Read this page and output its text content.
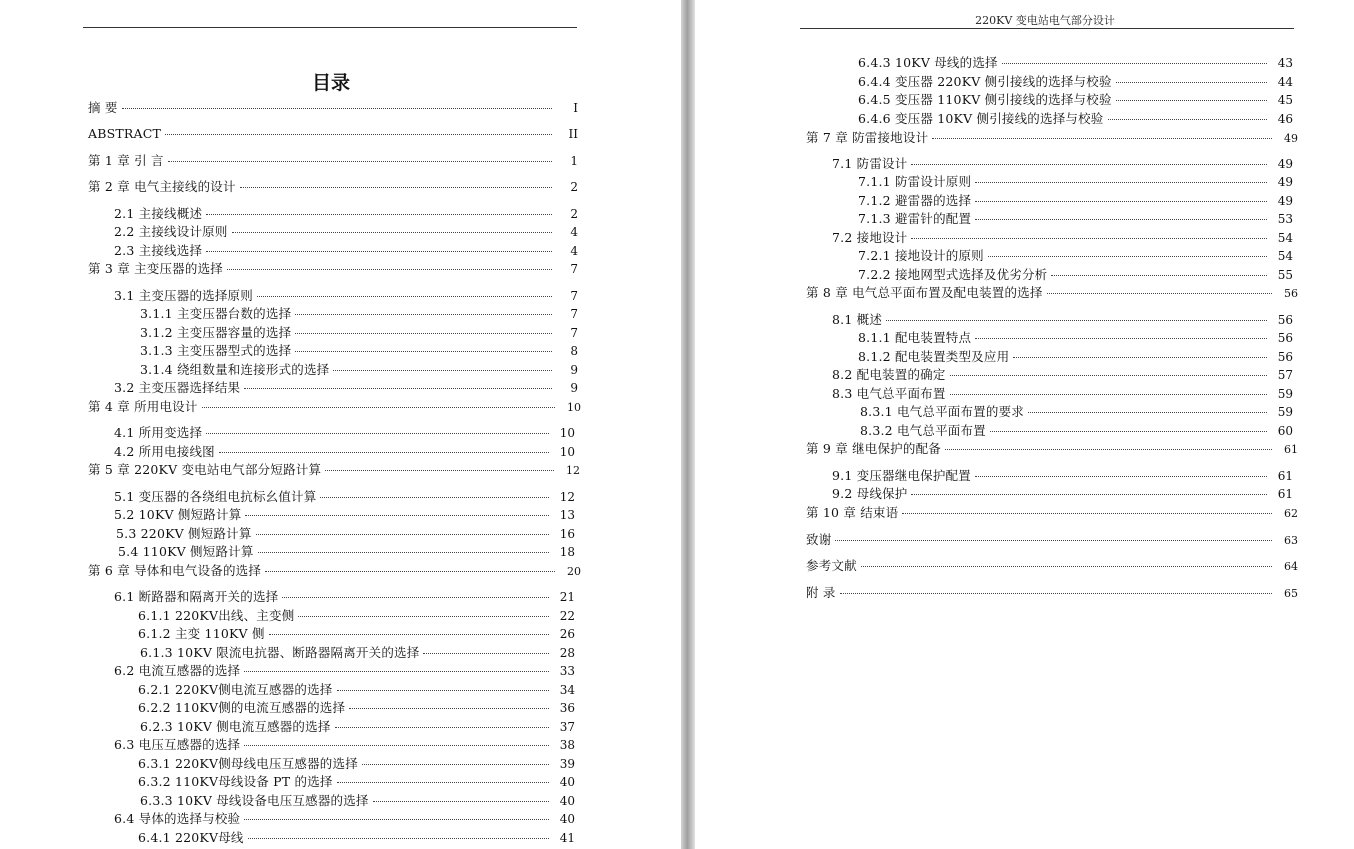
目录
摘 要	I
ABSTRACT	II
第 1 章 引 言	1
第 2 章 电气主接线的设计	2
2.1 主接线概述	2
2.2 主接线设计原则	4
2.3 主接线选择	4
第 3 章 主变压器的选择	7
3.1 主变压器的选择原则	7
3.1.1 主变压器台数的选择	7
3.1.2 主变压器容量的选择	7
3.1.3 主变压器型式的选择	8
3.1.4 绕组数量和连接形式的选择	9
3.2 主变压器选择结果	9
第 4 章 所用电设计	10
4.1 所用变选择	10
4.2 所用电接线图	10
第 5 章 220KV 变电站电气部分短路计算	12
5.1 变压器的各绕组电抗标幺值计算	12
5.2 10KV 侧短路计算	13
5.3 220KV 侧短路计算	16
5.4 110KV 侧短路计算	18
第 6 章 导体和电气设备的选择	20
6.1 断路器和隔离开关的选择	21
6.1.1 220KV出线、主变侧	22
6.1.2 主变 110KV 侧	26
6.1.3 10KV 限流电抗器、断路器隔离开关的选择	28
6.2 电流互感器的选择	33
6.2.1 220KV侧电流互感器的选择	34
6.2.2 110KV侧的电流互感器的选择	36
6.2.3 10KV 侧电流互感器的选择	37
6.3 电压互感器的选择	38
6.3.1 220KV侧母线电压互感器的选择	39
6.3.2 110KV母线设备 PT 的选择	40
6.3.3 10KV 母线设备电压互感器的选择	40
6.4 导体的选择与校验	40
6.4.1 220KV母线	41
220KV 变电站电气部分设计
6.4.3 10KV 母线的选择	43
6.4.4 变压器 220KV 侧引接线的选择与校验	44
6.4.5 变压器 110KV 侧引接线的选择与校验	45
6.4.6 变压器 10KV 侧引接线的选择与校验	46
第 7 章 防雷接地设计	49
7.1 防雷设计	49
7.1.1 防雷设计原则	49
7.1.2 避雷器的选择	49
7.1.3 避雷针的配置	53
7.2 接地设计	54
7.2.1 接地设计的原则	54
7.2.2 接地网型式选择及优劣分析	55
第 8 章 电气总平面布置及配电装置的选择	56
8.1 概述	56
8.1.1 配电装置特点	56
8.1.2 配电装置类型及应用	56
8.2 配电装置的确定	57
8.3 电气总平面布置	59
8.3.1 电气总平面布置的要求	59
8.3.2 电气总平面布置	60
第 9 章 继电保护的配备	61
9.1 变压器继电保护配置	61
9.2 母线保护	61
第 10 章 结束语	62
致谢	63
参考文献	64
附 录	65
